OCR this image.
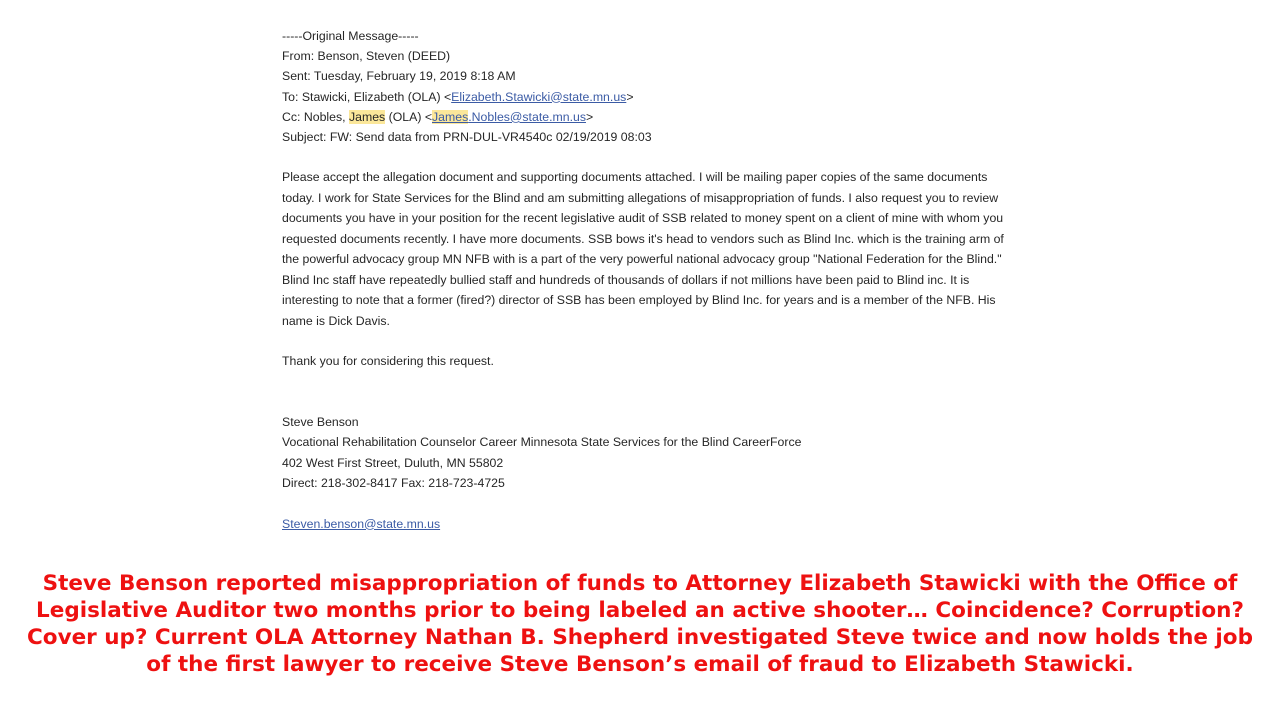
-----Original Message-----
From: Benson, Steven (DEED)
Sent: Tuesday, February 19, 2019 8:18 AM
To: Stawicki, Elizabeth (OLA) <Elizabeth.Stawicki@state.mn.us>
Cc: Nobles, James (OLA) <James.Nobles@state.mn.us>
Subject: FW: Send data from PRN-DUL-VR4540c 02/19/2019 08:03
Please accept the allegation document and supporting documents attached. I will be mailing paper copies of the same documents today. I work for State Services for the Blind and am submitting allegations of misappropriation of funds. I also request you to review documents you have in your position for the recent legislative audit of SSB related to money spent on a client of mine with whom you requested documents recently. I have more documents. SSB bows it's head to vendors such as Blind Inc. which is the training arm of the powerful advocacy group MN NFB with is a part of the very powerful national advocacy group "National Federation for the Blind." Blind Inc staff have repeatedly bullied staff and hundreds of thousands of dollars if not millions have been paid to Blind inc. It is interesting to note that a former (fired?) director of SSB has been employed by Blind Inc. for years and is a member of the NFB. His name is Dick Davis.
Thank you for considering this request.
Steve Benson
Vocational Rehabilitation Counselor Career Minnesota State Services for the Blind CareerForce
402 West First Street, Duluth, MN 55802
Direct: 218-302-8417 Fax: 218-723-4725
Steven.benson@state.mn.us
Steve Benson reported misappropriation of funds to Attorney Elizabeth Stawicki with the Office of Legislative Auditor two months prior to being labeled an active shooter… Coincidence? Corruption? Cover up? Current OLA Attorney Nathan B. Shepherd investigated Steve twice and now holds the job of the first lawyer to receive Steve Benson’s email of fraud to Elizabeth Stawicki.
